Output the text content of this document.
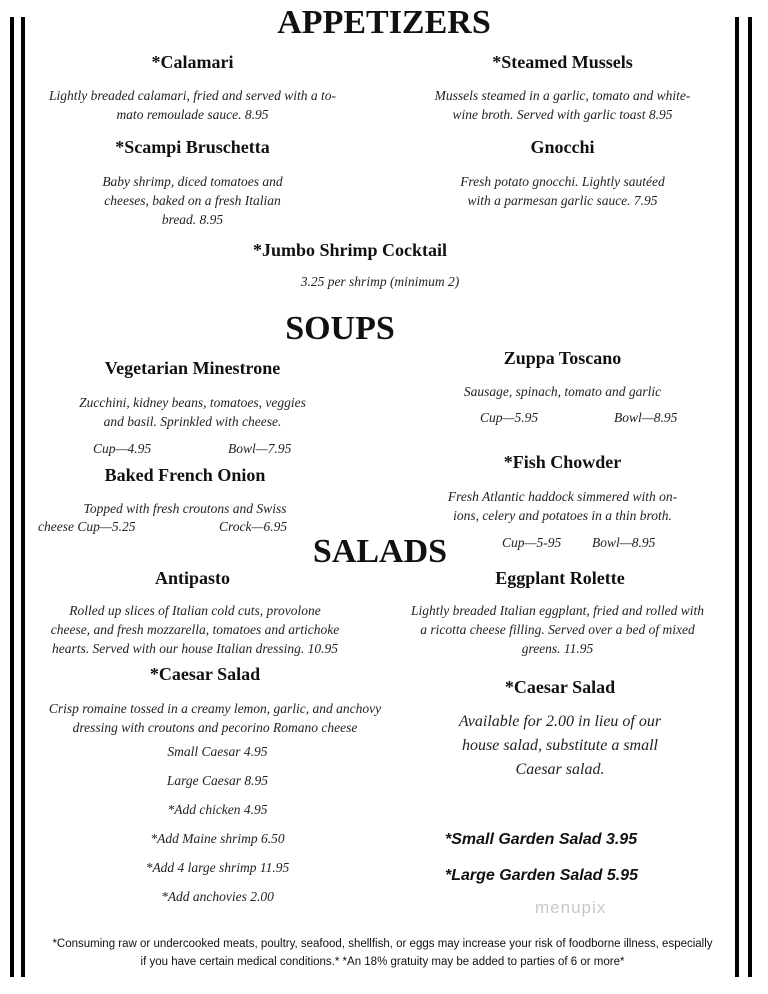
APPETIZERS
*Calamari
Lightly breaded calamari, fried and served with a to-
mato remoulade sauce. 8.95
*Steamed Mussels
Mussels steamed in a garlic, tomato and white-
wine broth. Served with garlic toast 8.95
*Scampi Bruschetta
Baby shrimp, diced tomatoes and
cheeses, baked on a fresh Italian
bread. 8.95
Gnocchi
Fresh potato gnocchi. Lightly sautéed
with a parmesan garlic sauce. 7.95
*Jumbo Shrimp Cocktail
3.25 per shrimp (minimum 2)
SOUPS
Vegetarian Minestrone
Zucchini, kidney beans, tomatoes, veggies
and basil. Sprinkled with cheese.
Cup—4.95	Bowl—7.95
Zuppa Toscano
Sausage, spinach, tomato and garlic
Cup—5.95	Bowl—8.95
Baked French Onion
Topped with fresh croutons and Swiss
cheese Cup—5.25	Crock—6.95
*Fish Chowder
Fresh Atlantic haddock simmered with on-
ions, celery and potatoes in a thin broth.
Cup—5-95 Bowl—8.95
SALADS
Antipasto
Rolled up slices of Italian cold cuts, provolone
cheese, and fresh mozzarella, tomatoes and artichoke
hearts. Served with our house Italian dressing. 10.95
Eggplant Rolette
Lightly breaded Italian eggplant, fried and rolled with
a ricotta cheese filling. Served over a bed of mixed
greens. 11.95
*Caesar Salad
Crisp romaine tossed in a creamy lemon, garlic, and anchovy
dressing with croutons and pecorino Romano cheese
Small Caesar 4.95
Large Caesar 8.95
*Add chicken 4.95
*Add Maine shrimp 6.50
*Add 4 large shrimp 11.95
*Add anchovies 2.00
*Caesar Salad
Available for 2.00 in lieu of our
house salad, substitute a small
Caesar salad.
*Small Garden Salad 3.95
*Large Garden Salad 5.95
menupix
*Consuming raw or undercooked meats, poultry, seafood, shellfish, or eggs may increase your risk of foodborne illness, especially
if you have certain medical conditions.* *An 18% gratuity may be added to parties of 6 or more*
